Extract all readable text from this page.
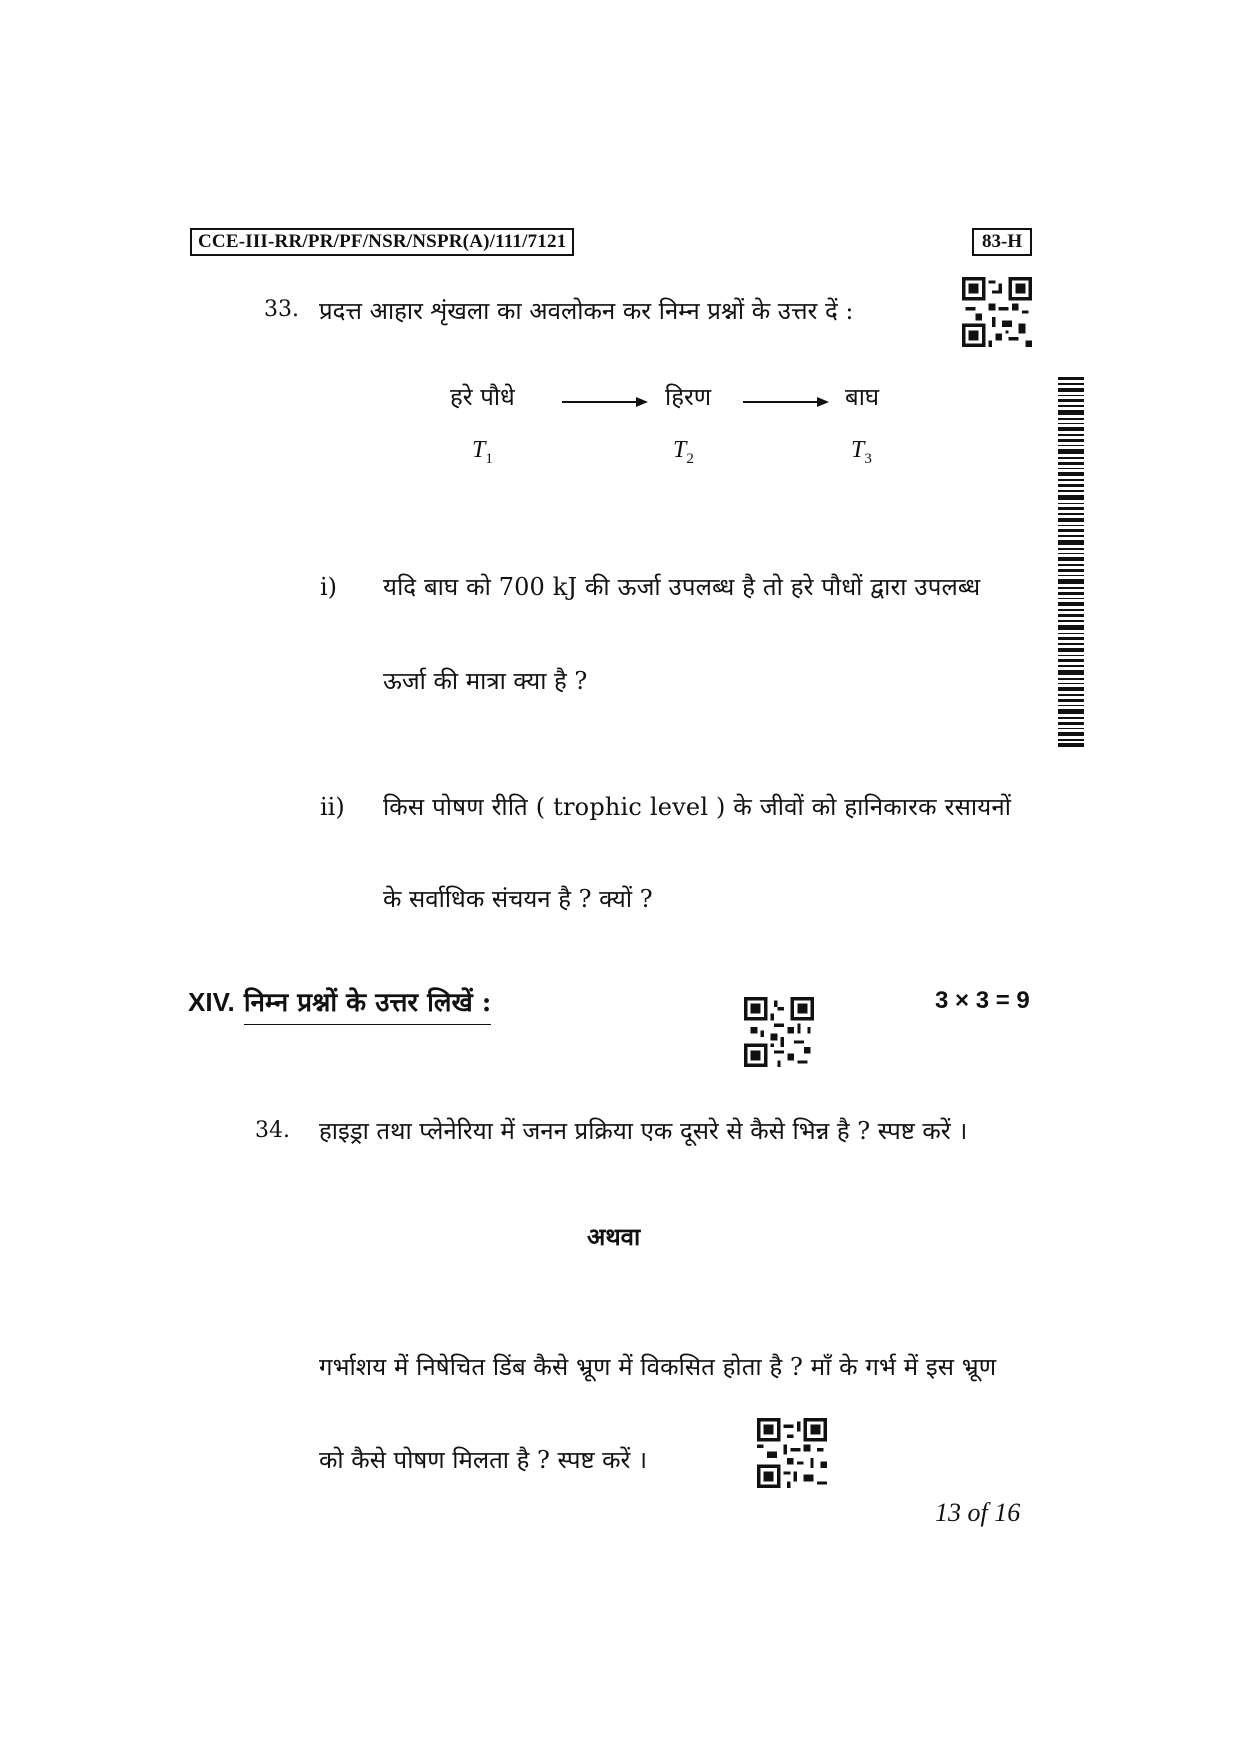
CCE-III-RR/PR/PF/NSR/NSPR(A)/111/7121	83-H
33. प्रदत्त आहार शृंखला का अवलोकन कर निम्न प्रश्नों के उत्तर दें :
हरे पौधे	हिरण	बाघ
$T_1$	$T_2$	$T_3$
i) यदि बाघ को 700 kJ की ऊर्जा उपलब्ध है तो हरे पौधों द्वारा उपलब्ध
ऊर्जा की मात्रा क्या है ?
ii) किस पोषण रीति ( trophic level ) के जीवों को हानिकारक रसायनों
के सर्वाधिक संचयन है ? क्यों ?
XIV. निम्न प्रश्नों के उत्तर लिखें :	3 × 3 = 9
34. हाइड्रा तथा प्लेनेरिया में जनन प्रक्रिया एक दूसरे से कैसे भिन्न है ? स्पष्ट करें ।
अथवा
गर्भाशय में निषेचित डिंब कैसे भ्रूण में विकसित होता है ? माँ के गर्भ में इस भ्रूण
को कैसे पोषण मिलता है ? स्पष्ट करें ।
13 of 16
